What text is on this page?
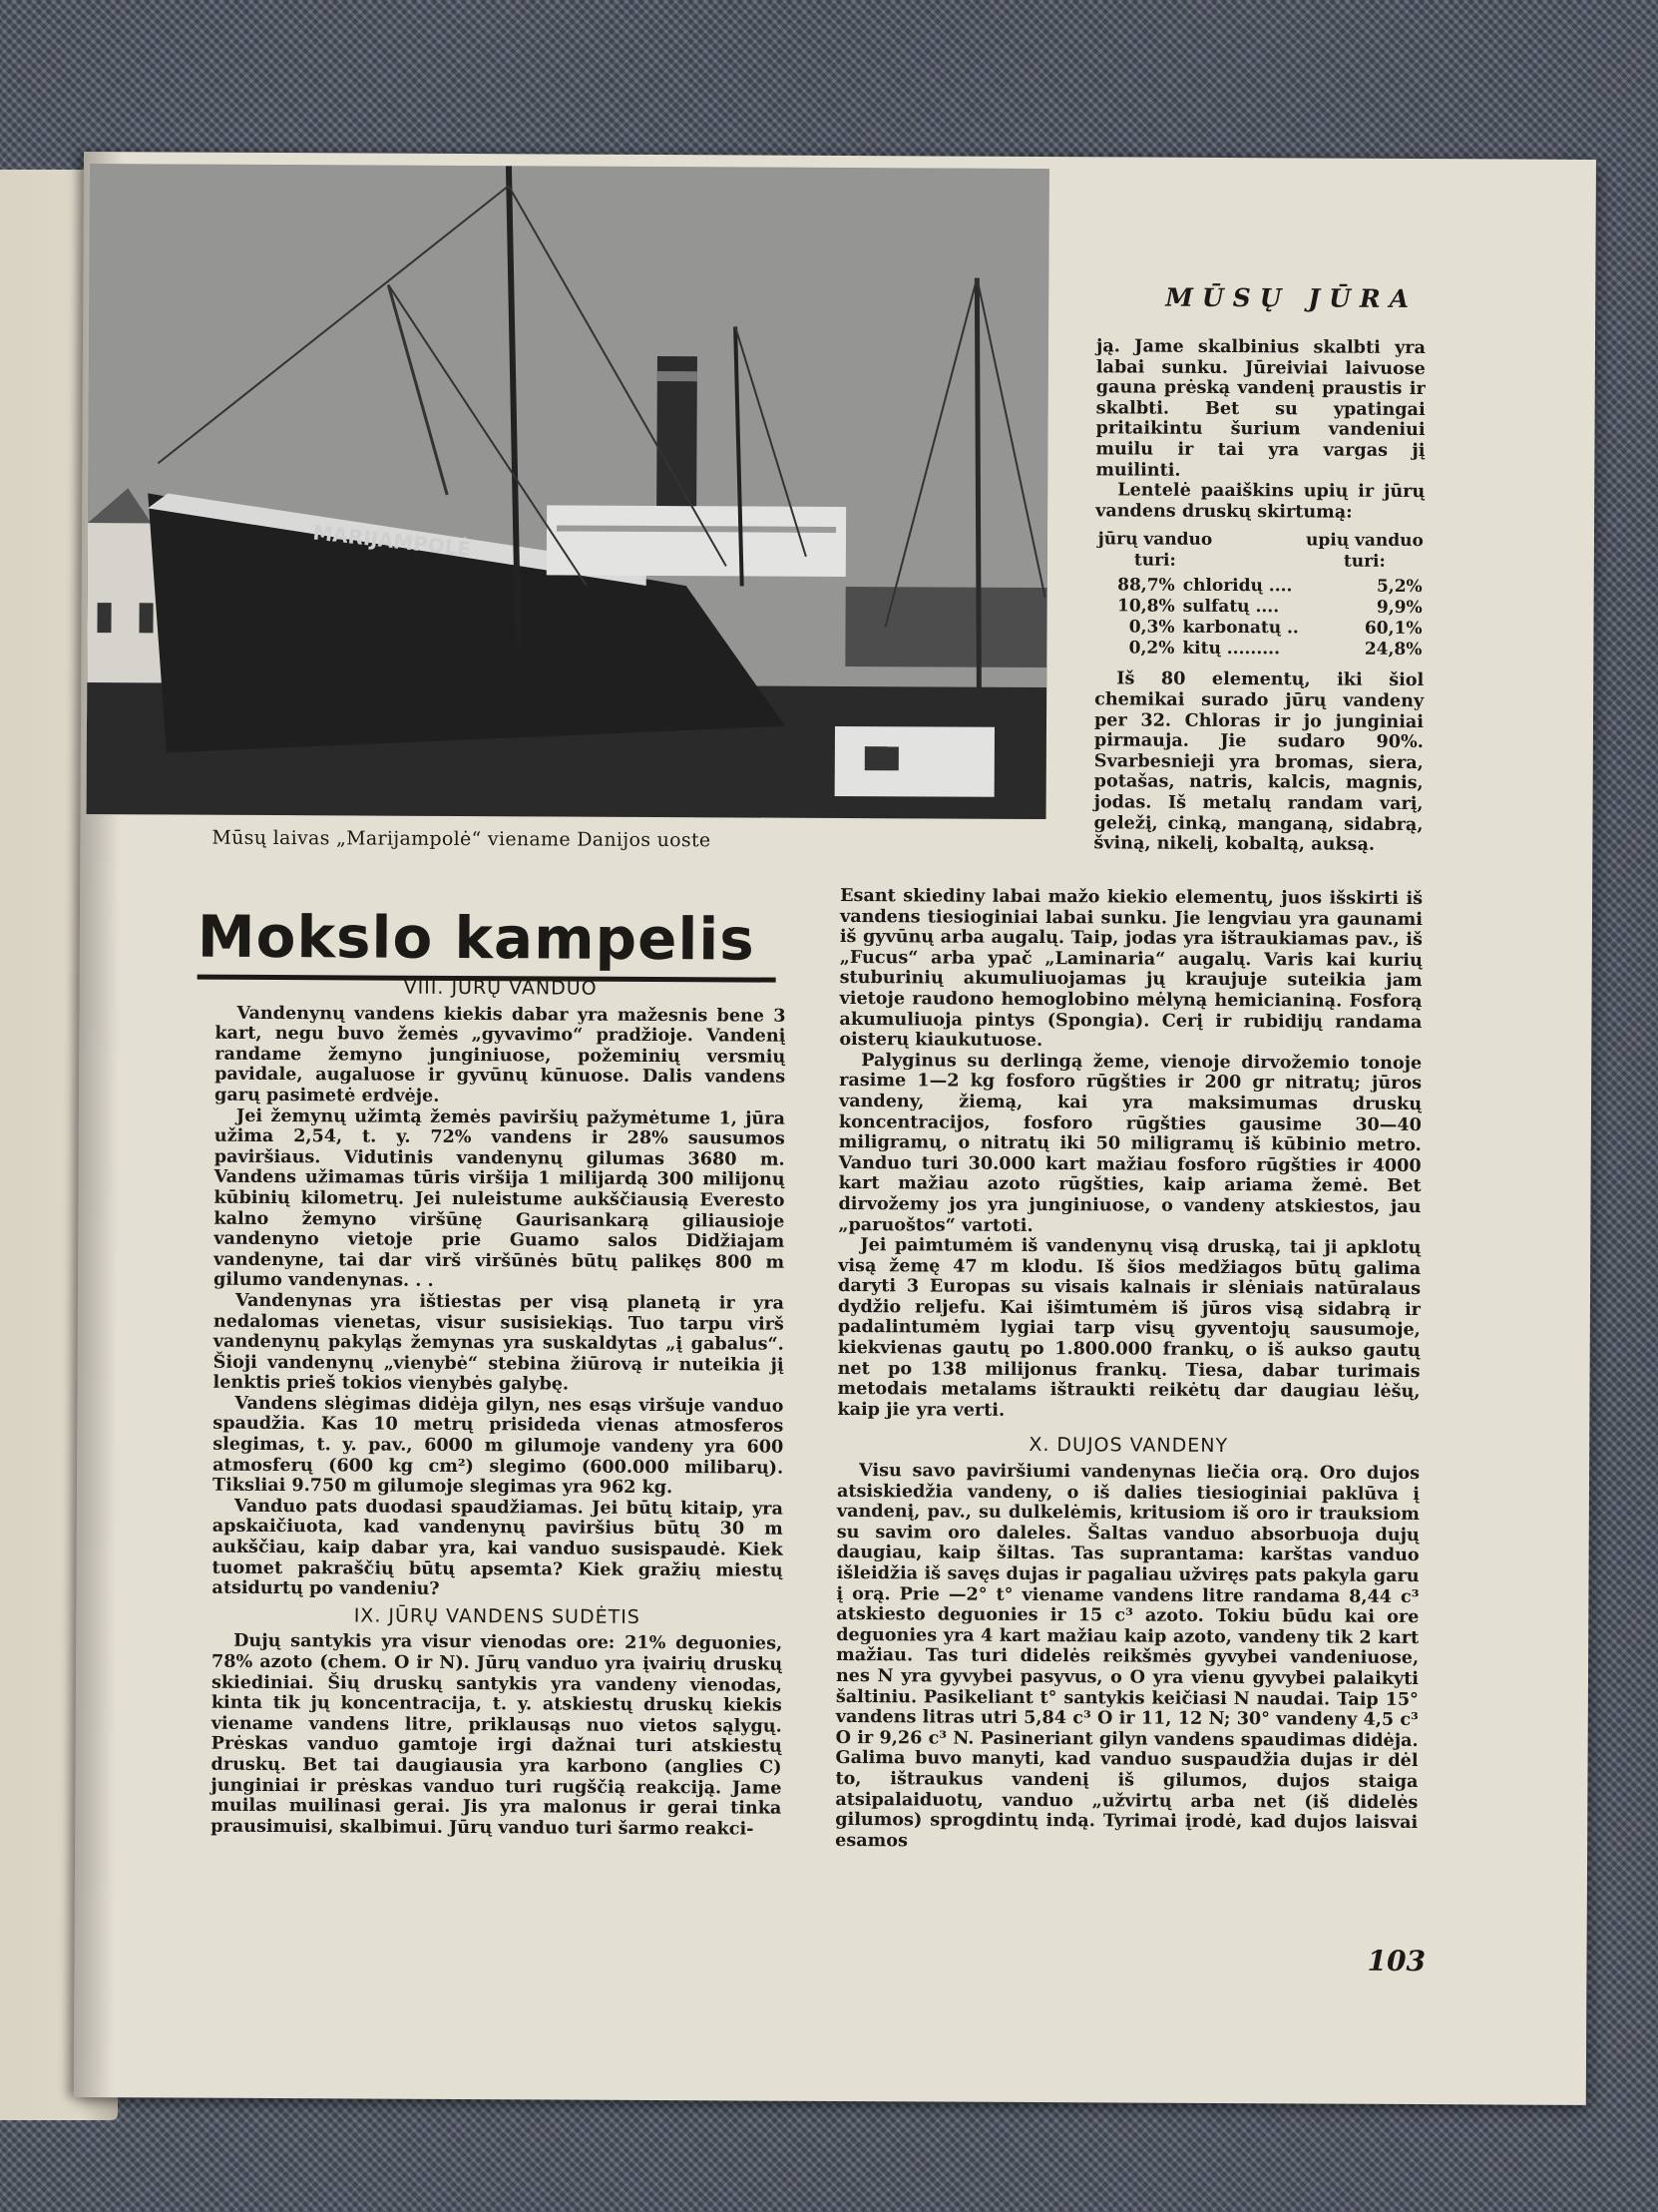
MARIJAMPOLĖ
Mūsų laivas „Marijampolė“ viename Danijos uoste
MŪSŲ JŪRA
Mokslo kampelis

VIII. JŪRŲ VANDUO

Vandenynų vandens kiekis dabar yra mažesnis bene 3 kart, negu buvo žemės „gyvavimo“ pradžioje. Vandenį randame žemyno junginiuose, požeminių versmių pavidale, augaluose ir gyvūnų kūnuose. Dalis vandens garų pasimetė erdvėje.

Jei žemynų užimtą žemės paviršių pažymėtume 1, jūra užima 2,54, t. y. 72% vandens ir 28% sausumos paviršiaus. Vidutinis vandenynų gilumas 3680 m. Vandens užimamas tūris viršija 1 milijardą 300 milijonų kūbinių kilometrų. Jei nuleistume aukščiausią Everesto kalno žemyno viršūnę Gaurisankarą giliausioje vandenyno vietoje prie Guamo salos Didžiajam vandenyne, tai dar virš viršūnės būtų palikęs 800 m gilumo vandenynas. . .

Vandenynas yra ištiestas per visą planetą ir yra nedalomas vienetas, visur susisiekiąs. Tuo tarpu virš vandenynų pakyląs žemynas yra suskaldytas „į gabalus“. Šioji vandenynų „vienybė“ stebina žiūrovą ir nuteikia jį lenktis prieš tokios vienybės galybę.

Vandens slėgimas didėja gilyn, nes esąs viršuje vanduo spaudžia. Kas 10 metrų prisideda vienas atmosferos slegimas, t. y. pav., 6000 m gilumoje vandeny yra 600 atmosferų (600 kg cm²) slegimo (600.000 milibarų). Tiksliai 9.750 m gilumoje slegimas yra 962 kg.

Vanduo pats duodasi spaudžiamas. Jei būtų kitaip, yra apskaičiuota, kad vandenynų paviršius būtų 30 m aukščiau, kaip dabar yra, kai vanduo susispaudė. Kiek tuomet pakraščių būtų apsemta? Kiek gražių miestų atsidurtų po vandeniu?

IX. JŪRŲ VANDENS SUDĖTIS

Dujų santykis yra visur vienodas ore: 21% deguonies, 78% azoto (chem. O ir N). Jūrų vanduo yra įvairių druskų skiediniai. Šių druskų santykis yra vandeny vienodas, kinta tik jų koncentracija, t. y. atskiestų druskų kiekis viename vandens litre, priklausąs nuo vietos sąlygų. Prėskas vanduo gamtoje irgi dažnai turi atskiestų druskų. Bet tai daugiausia yra karbono (anglies C) junginiai ir prėskas vanduo turi rugščią reakciją. Jame muilas muilinasi gerai. Jis yra malonus ir gerai tinka prausimuisi, skalbimui. Jūrų vanduo turi šarmo reakci-

ją. Jame skalbinius skalbti yra labai sunku. Jūreiviai laivuose gauna prėską vandenį praustis ir skalbti. Bet su ypatingai pritaikintu šurium vandeniui muilu ir tai yra vargas jį muilinti.

Lentelė paaiškins upių ir jūrų vandens druskų skirtumą:

jūrų vanduo turi:
upių vanduo turi:
88,7% chloridų ....	5,2%
10,8% sulfatų ....	9,9%
0,3% karbonatų ..	60,1%
0,2% kitų .........	24,8%

Iš 80 elementų, iki šiol chemikai surado jūrų vandeny per 32. Chloras ir jo junginiai pirmauja. Jie sudaro 90%. Svarbesnieji yra bromas, siera, potašas, natris, kalcis, magnis, jodas. Iš metalų randam varį, geležį, cinką, manganą, sidabrą, šviną, nikelį, kobaltą, auksą.

Esant skiediny labai mažo kiekio elementų, juos išskirti iš vandens tiesioginiai labai sunku. Jie lengviau yra gaunami iš gyvūnų arba augalų. Taip, jodas yra ištraukiamas pav., iš „Fucus“ arba ypač „Laminaria“ augalų. Varis kai kurių stuburinių akumuliuojamas jų kraujuje suteikia jam vietoje raudono hemoglobino mėlyną hemicianiną. Fosforą akumuliuoja pintys (Spongia). Cerį ir rubidijų randama oisterų kiaukutuose.

Palyginus su derlingą žeme, vienoje dirvožemio tonoje rasime 1—2 kg fosforo rūgšties ir 200 gr nitratų; jūros vandeny, žiemą, kai yra maksimumas druskų koncentracijos, fosforo rūgšties gausime 30—40 miligramų, o nitratų iki 50 miligramų iš kūbinio metro. Vanduo turi 30.000 kart mažiau fosforo rūgšties ir 4000 kart mažiau azoto rūgšties, kaip ariama žemė. Bet dirvožemy jos yra junginiuose, o vandeny atskiestos, jau „paruoštos“ vartoti.

Jei paimtumėm iš vandenynų visą druską, tai ji apklotų visą žemę 47 m klodu. Iš šios medžiagos būtų galima daryti 3 Europas su visais kalnais ir slėniais natūralaus dydžio reljefu. Kai išimtumėm iš jūros visą sidabrą ir padalintumėm lygiai tarp visų gyventojų sausumoje, kiekvienas gautų po 1.800.000 frankų, o iš aukso gautų net po 138 milijonus frankų. Tiesa, dabar turimais metodais metalams ištraukti reikėtų dar daugiau lėšų, kaip jie yra verti.

X. DUJOS VANDENY

Visu savo paviršiumi vandenynas liečia orą. Oro dujos atsiskiedžia vandeny, o iš dalies tiesioginiai paklūva į vandenį, pav., su dulkelėmis, kritusiom iš oro ir trauksiom su savim oro daleles. Šaltas vanduo absorbuoja dujų daugiau, kaip šiltas. Tas suprantama: karštas vanduo išleidžia iš savęs dujas ir pagaliau užviręs pats pakyla garu į orą. Prie —2° t° viename vandens litre randama 8,44 c³ atskiesto deguonies ir 15 c³ azoto. Tokiu būdu kai ore deguonies yra 4 kart mažiau kaip azoto, vandeny tik 2 kart mažiau. Tas turi didelės reikšmės gyvybei vandeniuose, nes N yra gyvybei pasyvus, o O yra vienu gyvybei palaikyti šaltiniu. Pasikeliant t° santykis keičiasi N naudai. Taip 15° vandens litras utri 5,84 c³ O ir 11, 12 N; 30° vandeny 4,5 c³ O ir 9,26 c³ N. Pasineriant gilyn vandens spaudimas didėja. Galima buvo manyti, kad vanduo suspaudžia dujas ir dėl to, ištraukus vandenį iš gilumos, dujos staiga atsipalaiduotų, vanduo „užvirtų arba net (iš didelės gilumos) sprogdintų indą. Tyrimai įrodė, kad dujos laisvai esamos

103
